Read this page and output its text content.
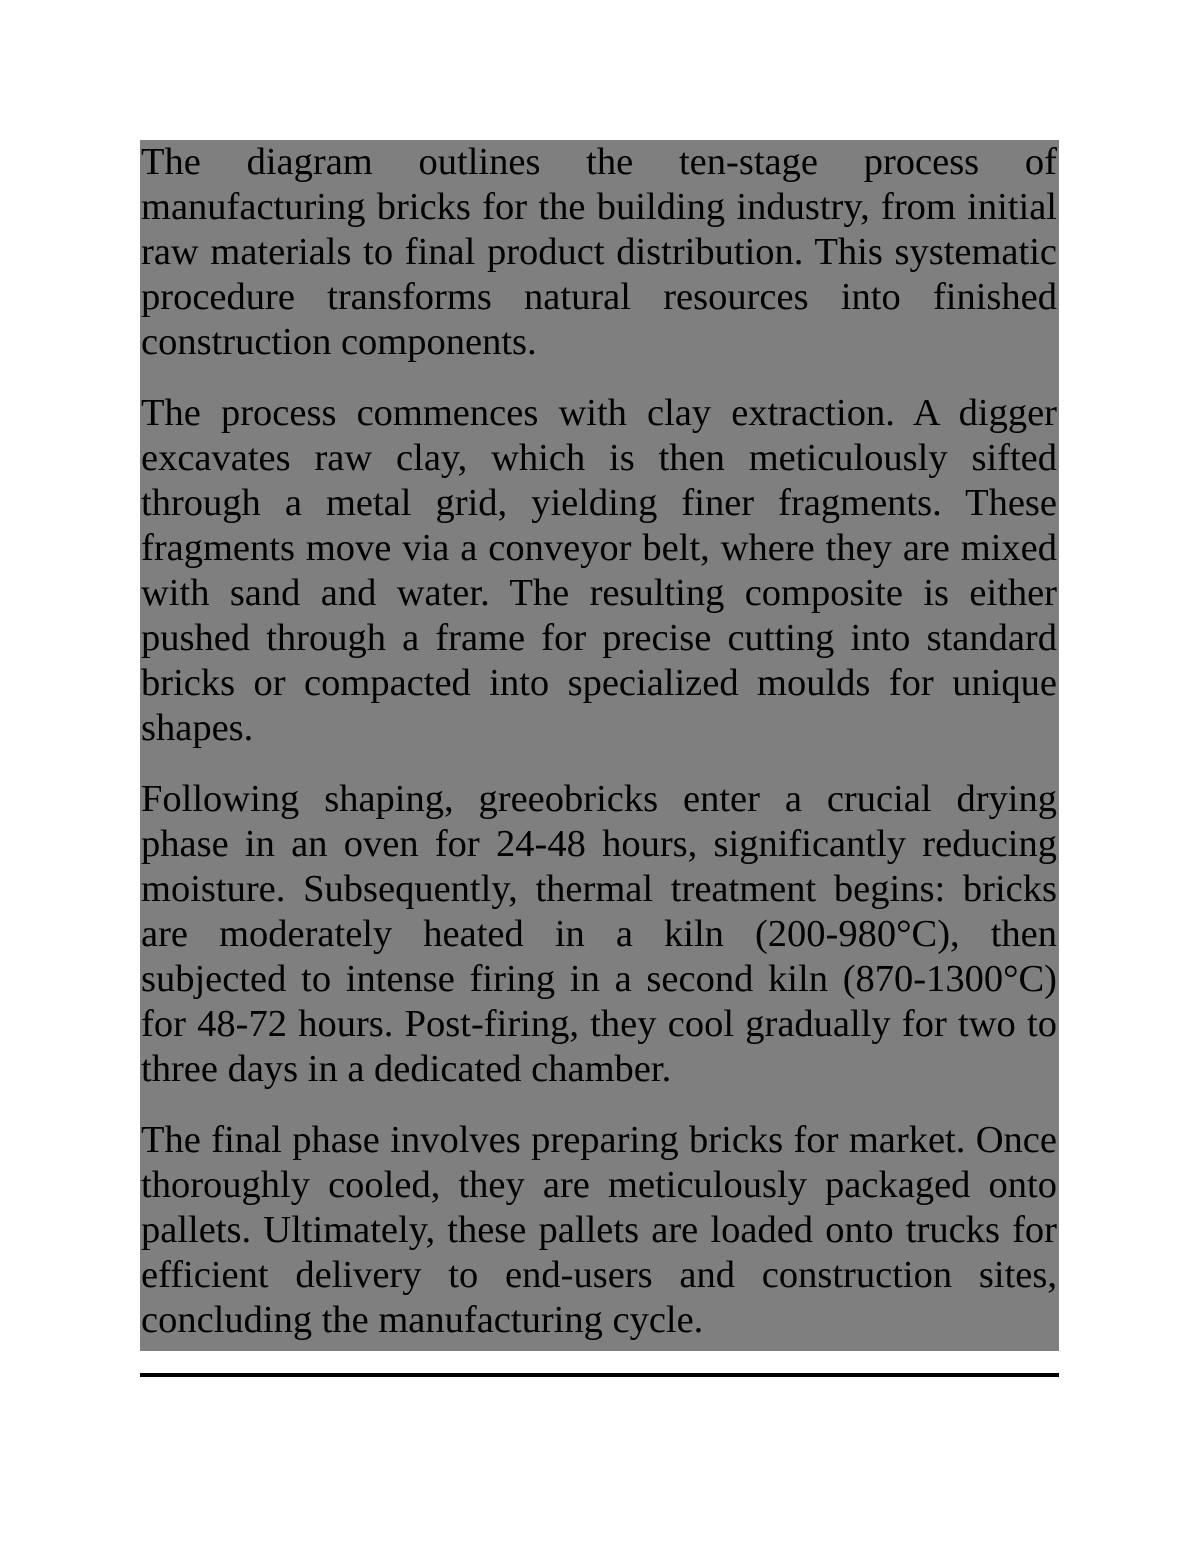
The diagram outlines the ten-stage process of manufacturing bricks for the building industry, from initial raw materials to final product distribution. This systematic procedure transforms natural resources into finished construction components.

The process commences with clay extraction. A digger excavates raw clay, which is then meticulously sifted through a metal grid, yielding finer fragments. These fragments move via a conveyor belt, where they are mixed with sand and water. The resulting composite is either pushed through a frame for precise cutting into standard bricks or compacted into specialized moulds for unique shapes.

Following shaping, greeobricks enter a crucial drying phase in an oven for 24-48 hours, significantly reducing moisture. Subsequently, thermal treatment begins: bricks are moderately heated in a kiln (200-980°C), then subjected to intense firing in a second kiln (870-1300°C) for 48-72 hours. Post-firing, they cool gradually for two to three days in a dedicated chamber.

The final phase involves preparing bricks for market. Once thoroughly cooled, they are meticulously packaged onto pallets. Ultimately, these pallets are loaded onto trucks for efficient delivery to end-users and construction sites, concluding the manufacturing cycle.
